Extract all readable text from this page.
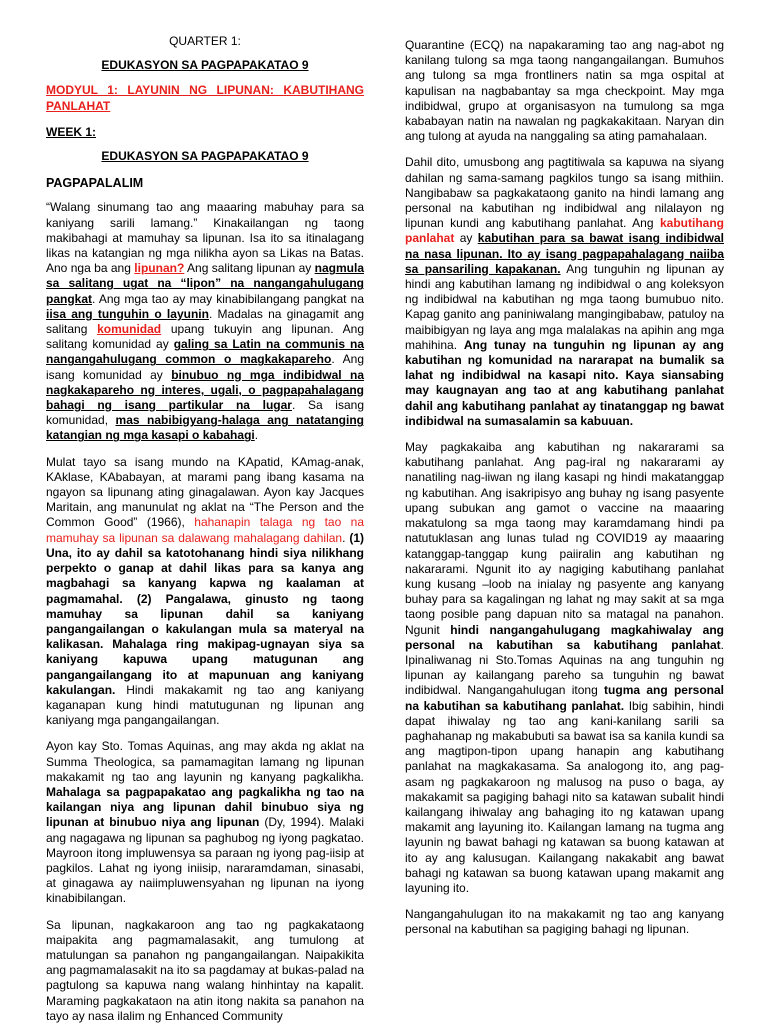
QUARTER 1:
EDUKASYON SA PAGPAPAKATAO 9
MODYUL 1: LAYUNIN NG LIPUNAN: KABUTIHANG PANLAHAT
WEEK 1:
EDUKASYON SA PAGPAPAKATAO 9
PAGPAPALALIM

“Walang sinumang tao ang maaaring mabuhay para sa kaniyang sarili lamang.” Kinakailangan ng taong makibahagi at mamuhay sa lipunan. Isa ito sa itinalagang likas na katangian ng mga nilikha ayon sa Likas na Batas. Ano nga ba ang lipunan? Ang salitang lipunan ay nagmula sa salitang ugat na “lipon” na nangangahulugang pangkat. Ang mga tao ay may kinabibilangang pangkat na iisa ang tunguhin o layunin. Madalas na ginagamit ang salitang komunidad upang tukuyin ang lipunan. Ang salitang komunidad ay galing sa Latin na communis na nangangahulugang common o magkakapareho. Ang isang komunidad ay binubuo ng mga indibidwal na nagkakapareho ng interes, ugali, o pagpapahalagang bahagi ng isang partikular na lugar. Sa isang komunidad, mas nabibigyang-halaga ang natatanging katangian ng mga kasapi o kabahagi.

Mulat tayo sa isang mundo na KApatid, KAmag-anak, KAklase, KAbabayan, at marami pang ibang kasama na ngayon sa lipunang ating ginagalawan. Ayon kay Jacques Maritain, ang manunulat ng aklat na “The Person and the Common Good” (1966), hahanapin talaga ng tao na mamuhay sa lipunan sa dalawang mahalagang dahilan. (1) Una, ito ay dahil sa katotohanang hindi siya nilikhang perpekto o ganap at dahil likas para sa kanya ang magbahagi sa kanyang kapwa ng kaalaman at pagmamahal. (2) Pangalawa, ginusto ng taong mamuhay sa lipunan dahil sa kaniyang pangangailangan o kakulangan mula sa materyal na kalikasan. Mahalaga ring makipag-ugnayan siya sa kaniyang kapuwa upang matugunan ang pangangailangang ito at mapunuan ang kaniyang kakulangan. Hindi makakamit ng tao ang kaniyang kaganapan kung hindi matutugunan ng lipunan ang kaniyang mga pangangailangan.

Ayon kay Sto. Tomas Aquinas, ang may akda ng aklat na Summa Theologica, sa pamamagitan lamang ng lipunan makakamit ng tao ang layunin ng kanyang pagkalikha. Mahalaga sa pagpapakatao ang pagkalikha ng tao na kailangan niya ang lipunan dahil binubuo siya ng lipunan at binubuo niya ang lipunan (Dy, 1994). Malaki ang nagagawa ng lipunan sa paghubog ng iyong pagkatao. Mayroon itong impluwensya sa paraan ng iyong pag-iisip at pagkilos. Lahat ng iyong iniisip, nararamdaman, sinasabi, at ginagawa ay naiimpluwensyahan ng lipunan na iyong kinabibilangan.

Sa lipunan, nagkakaroon ang tao ng pagkakataong maipakita ang pagmamalasakit, ang tumulong at matulungan sa panahon ng pangangailangan. Naipakikita ang pagmamalasakit na ito sa pagdamay at bukas-palad na pagtulong sa kapuwa nang walang hinhintay na kapalit. Maraming pagkakataon na atin itong nakita sa panahon na tayo ay nasa ilalim ng Enhanced Community

Quarantine (ECQ) na napakaraming tao ang nag-abot ng kanilang tulong sa mga taong nangangailangan. Bumuhos ang tulong sa mga frontliners natin sa mga ospital at kapulisan na nagbabantay sa mga checkpoint. May mga indibidwal, grupo at organisasyon na tumulong sa mga kababayan natin na nawalan ng pagkakakitaan. Naryan din ang tulong at ayuda na nanggaling sa ating pamahalaan.

Dahil dito, umusbong ang pagtitiwala sa kapuwa na siyang dahilan ng sama-samang pagkilos tungo sa isang mithiin. Nangibabaw sa pagkakataong ganito na hindi lamang ang personal na kabutihan ng indibidwal ang nilalayon ng lipunan kundi ang kabutihang panlahat. Ang kabutihang panlahat ay kabutihan para sa bawat isang indibidwal na nasa lipunan. Ito ay isang pagpapahalagang naiiba sa pansariling kapakanan. Ang tunguhin ng lipunan ay hindi ang kabutihan lamang ng indibidwal o ang koleksyon ng indibidwal na kabutihan ng mga taong bumubuo nito. Kapag ganito ang paniniwalang mangingibabaw, patuloy na maibibigyan ng laya ang mga malalakas na apihin ang mga mahihina. Ang tunay na tunguhin ng lipunan ay ang kabutihan ng komunidad na nararapat na bumalik sa lahat ng indibidwal na kasapi nito. Kaya siansabing may kaugnayan ang tao at ang kabutihang panlahat dahil ang kabutihang panlahat ay tinatanggap ng bawat indibidwal na sumasalamin sa kabuuan.

May pagkakaiba ang kabutihan ng nakararami sa kabutihang panlahat. Ang pag-iral ng nakararami ay nanatiling nag-iiwan ng ilang kasapi ng hindi makatanggap ng kabutihan. Ang isakripisyo ang buhay ng isang pasyente upang subukan ang gamot o vaccine na maaaring makatulong sa mga taong may karamdamang hindi pa natutuklasan ang lunas tulad ng COVID19 ay maaaring katanggap-tanggap kung paiiralin ang kabutihan ng nakararami. Ngunit ito ay nagiging kabutihang panlahat kung kusang –loob na inialay ng pasyente ang kanyang buhay para sa kagalingan ng lahat ng may sakit at sa mga taong posible pang dapuan nito sa matagal na panahon. Ngunit hindi nangangahulugang magkahiwalay ang personal na kabutihan sa kabutihang panlahat. Ipinaliwanag ni Sto.Tomas Aquinas na ang tunguhin ng lipunan ay kailangang pareho sa tunguhin ng bawat indibidwal. Nangangahulugan itong tugma ang personal na kabutihan sa kabutihang panlahat. Ibig sabihin, hindi dapat ihiwalay ng tao ang kani-kanilang sarili sa paghahanap ng makabubuti sa bawat isa sa kanila kundi sa ang magtipon-tipon upang hanapin ang kabutihang panlahat na magkakasama. Sa analogong ito, ang pag-asam ng pagkakaroon ng malusog na puso o baga, ay makakamit sa pagiging bahagi nito sa katawan subalit hindi kailangang ihiwalay ang bahaging ito ng katawan upang makamit ang layuning ito. Kailangan lamang na tugma ang layunin ng bawat bahagi ng katawan sa buong katawan at ito ay ang kalusugan. Kailangang nakakabit ang bawat bahagi ng katawan sa buong katawan upang makamit ang layuning ito.

Nangangahulugan ito na makakamit ng tao ang kanyang personal na kabutihan sa pagiging bahagi ng lipunan.
